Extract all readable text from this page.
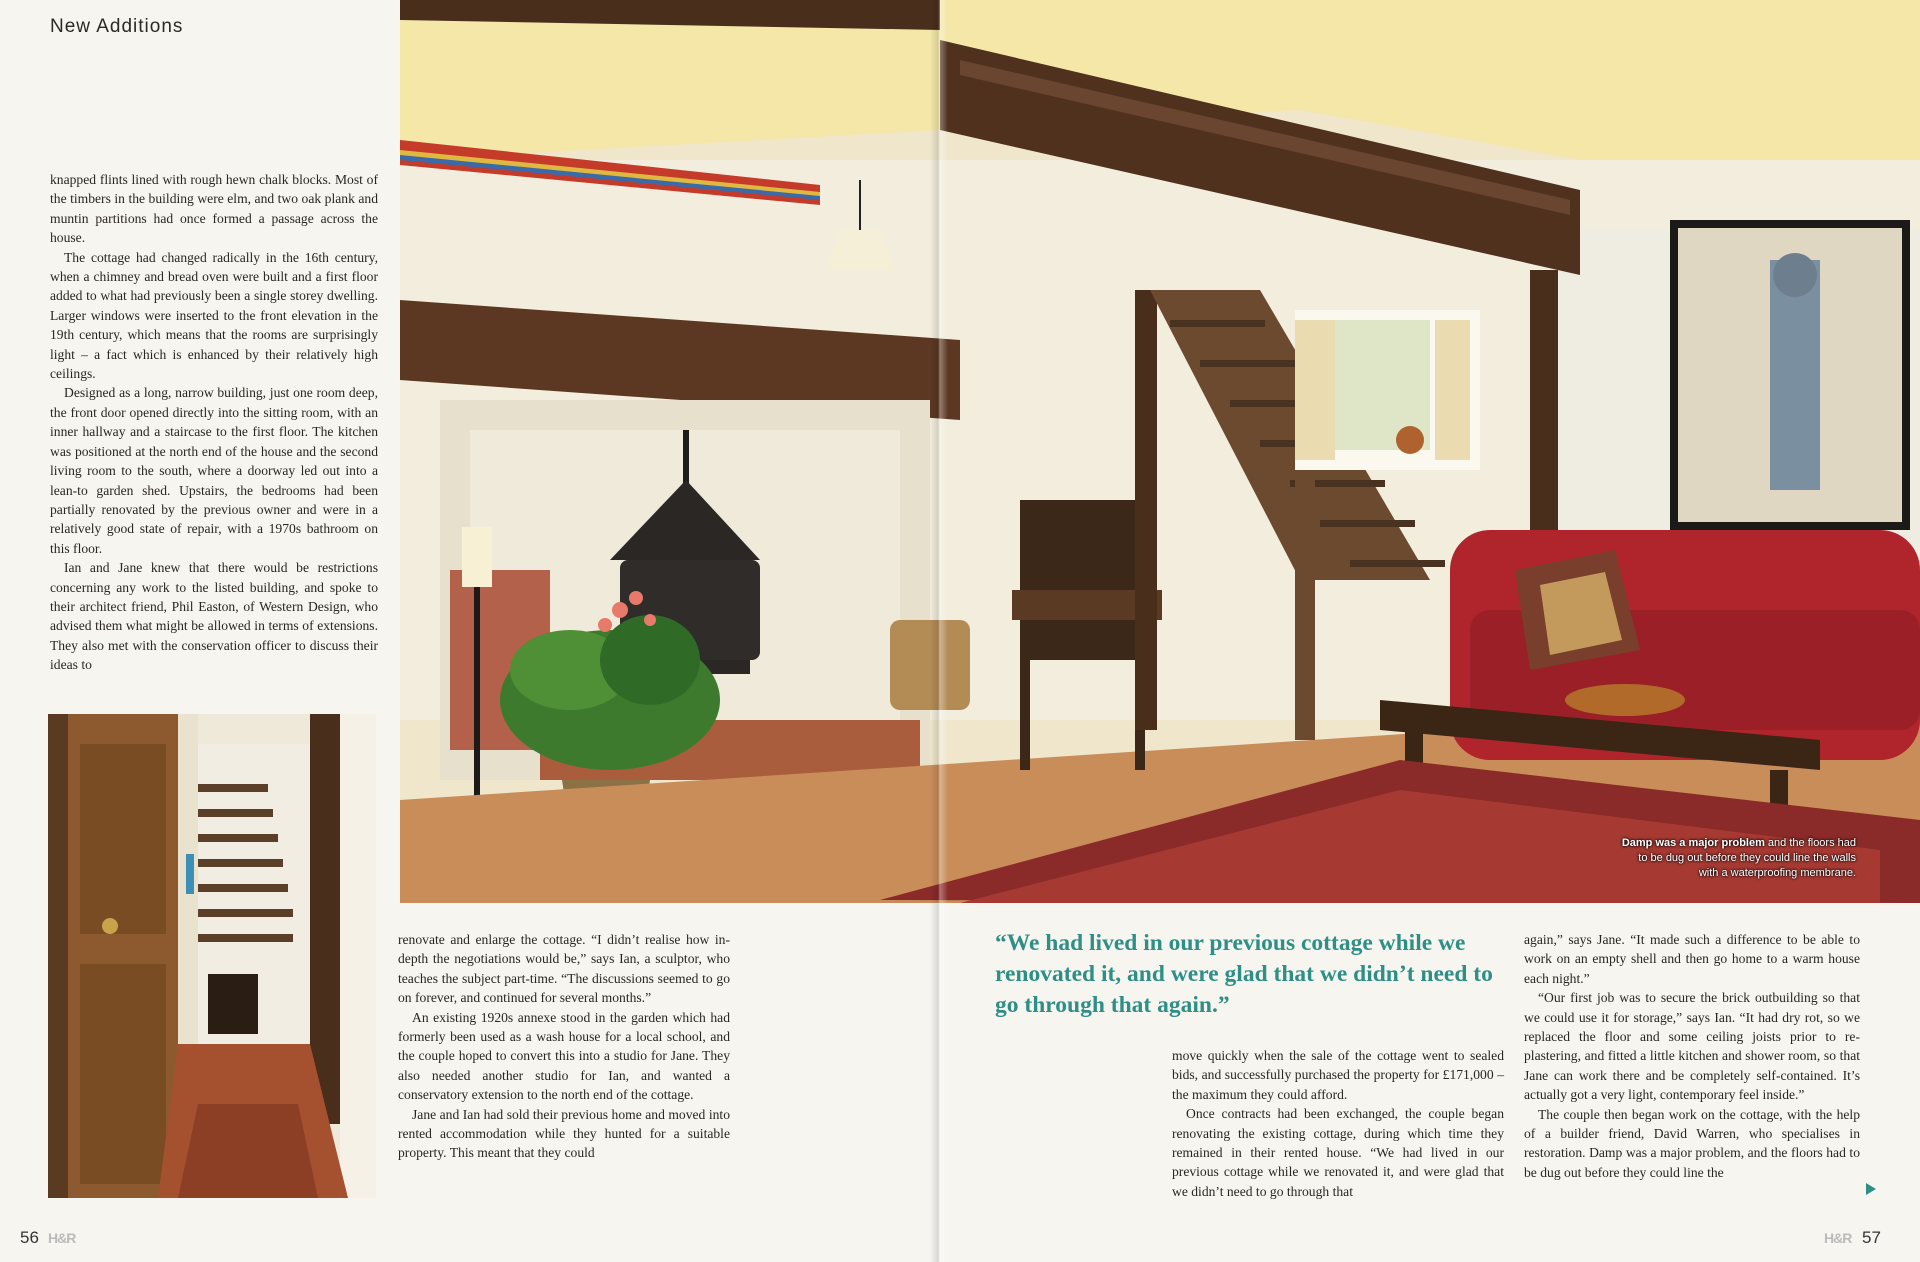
New Additions

knapped flints lined with rough hewn chalk blocks. Most of the timbers in the building were elm, and two oak plank and muntin partitions had once formed a passage across the house.

The cottage had changed radically in the 16th century, when a chimney and bread oven were built and a first floor added to what had previously been a single storey dwelling. Larger windows were inserted to the front elevation in the 19th century, which means that the rooms are surprisingly light – a fact which is enhanced by their relatively high ceilings.

Designed as a long, narrow building, just one room deep, the front door opened directly into the sitting room, with an inner hallway and a staircase to the first floor. The kitchen was positioned at the north end of the house and the second living room to the south, where a doorway led out into a lean-to garden shed. Upstairs, the bedrooms had been partially renovated by the previous owner and were in a relatively good state of repair, with a 1970s bathroom on this floor.

Ian and Jane knew that there would be restrictions concerning any work to the listed building, and spoke to their architect friend, Phil Easton, of Western Design, who advised them what might be allowed in terms of extensions. They also met with the conservation officer to discuss their ideas to

renovate and enlarge the cottage. “I didn’t realise how in-depth the negotiations would be,” says Ian, a sculptor, who teaches the subject part-time. “The discussions seemed to go on forever, and continued for several months.”

An existing 1920s annexe stood in the garden which had formerly been used as a wash house for a local school, and the couple hoped to convert this into a studio for Jane. They also needed another studio for Ian, and wanted a conservatory extension to the north end of the cottage.

Jane and Ian had sold their previous home and moved into rented accommodation while they hunted for a suitable property. This meant that they could

56 H&R
Damp was a major problem and the floors had to be dug out before they could line the walls with a waterproofing membrane.
“We had lived in our previous cottage while we renovated it, and were glad that we didn’t need to go through that again.”

move quickly when the sale of the cottage went to sealed bids, and successfully purchased the property for £171,000 – the maximum they could afford.

Once contracts had been exchanged, the couple began renovating the existing cottage, during which time they remained in their rented house. “We had lived in our previous cottage while we renovated it, and were glad that we didn’t need to go through that

again,” says Jane. “It made such a difference to be able to work on an empty shell and then go home to a warm house each night.”

“Our first job was to secure the brick outbuilding so that we could use it for storage,” says Ian. “It had dry rot, so we replaced the floor and some ceiling joists prior to re-plastering, and fitted a little kitchen and shower room, so that Jane can work there and be completely self-contained. It’s actually got a very light, contemporary feel inside.”

The couple then began work on the cottage, with the help of a builder friend, David Warren, who specialises in restoration. Damp was a major problem, and the floors had to be dug out before they could line the

H&R 57
